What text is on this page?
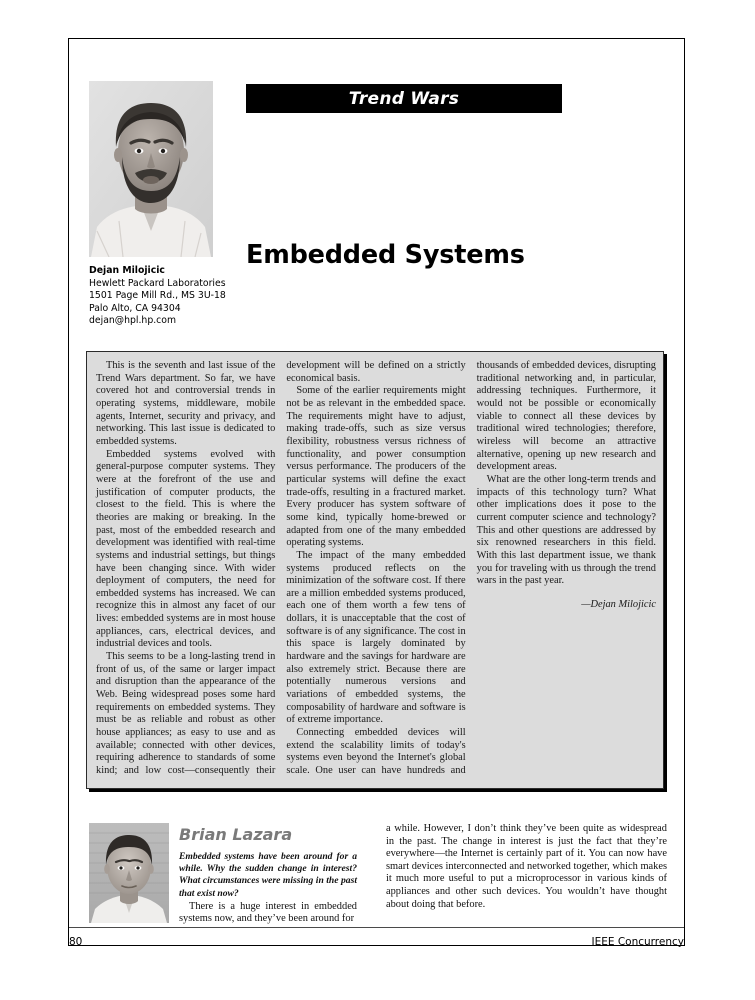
Trend Wars
Embedded Systems
Dejan Milojicic
Hewlett Packard Laboratories
1501 Page Mill Rd., MS 3U-18
Palo Alto, CA 94304
dejan@hpl.hp.com

This is the seventh and last issue of the Trend Wars department. So far, we have covered hot and controversial trends in operating systems, middleware, mobile agents, Internet, security and privacy, and networking. This last issue is dedicated to embedded systems.

Embedded systems evolved with general-purpose computer systems. They were at the forefront of the use and justification of computer products, the closest to the field. This is where the theories are making or breaking. In the past, most of the embedded research and development was identified with real-time systems and industrial settings, but things have been changing since. With wider deployment of computers, the need for embedded systems has increased. We can recognize this in almost any facet of our lives: embedded systems are in most house appliances, cars, electrical devices, and industrial devices and tools.

This seems to be a long-lasting trend in front of us, of the same or larger impact and disruption than the appearance of the Web. Being widespread poses some hard requirements on embedded systems. They must be as reliable and robust as other house appliances; as easy to use and as available; connected with other devices, requiring adherence to standards of some kind; and low cost—consequently their development will be defined on a strictly economical basis.

Some of the earlier requirements might not be as relevant in the embedded space. The requirements might have to adjust, making trade-offs, such as size versus flexibility, robustness versus richness of functionality, and power consumption versus performance. The producers of the particular systems will define the exact trade-offs, resulting in a fractured market. Every producer has system software of some kind, typically home-brewed or adapted from one of the many embedded operating systems.

The impact of the many embedded systems produced reflects on the minimization of the software cost. If there are a million embedded systems produced, each one of them worth a few tens of dollars, it is unacceptable that the cost of software is of any significance. The cost in this space is largely dominated by hardware and the savings for hardware are also extremely strict. Because there are potentially numerous versions and variations of embedded systems, the composability of hardware and software is of extreme importance.

Connecting embedded devices will extend the scalability limits of today's systems even beyond the Internet's global scale. One user can have hundreds and thousands of embedded devices, disrupting traditional networking and, in particular, addressing techniques. Furthermore, it would not be possible or economically viable to connect all these devices by traditional wired technologies; therefore, wireless will become an attractive alternative, opening up new research and development areas.

What are the other long-term trends and impacts of this technology turn? What other implications does it pose to the current computer science and technology? This and other questions are addressed by six renowned researchers in this field. With this last department issue, we thank you for traveling with us through the trend wars in the past year.

—Dejan Milojicic

Brian Lazara

Embedded systems have been around for a while. Why the sudden change in interest? What circumstances were missing in the past that exist now?

There is a huge interest in embedded systems now, and they’ve been around for

a while. However, I don’t think they’ve been quite as widespread in the past. The change in interest is just the fact that they’re everywhere—the Internet is certainly part of it. You can now have smart devices interconnected and networked together, which makes it much more useful to put a microprocessor in various kinds of appliances and other such devices. You wouldn’t have thought about doing that before.

80	IEEE Concurrency
